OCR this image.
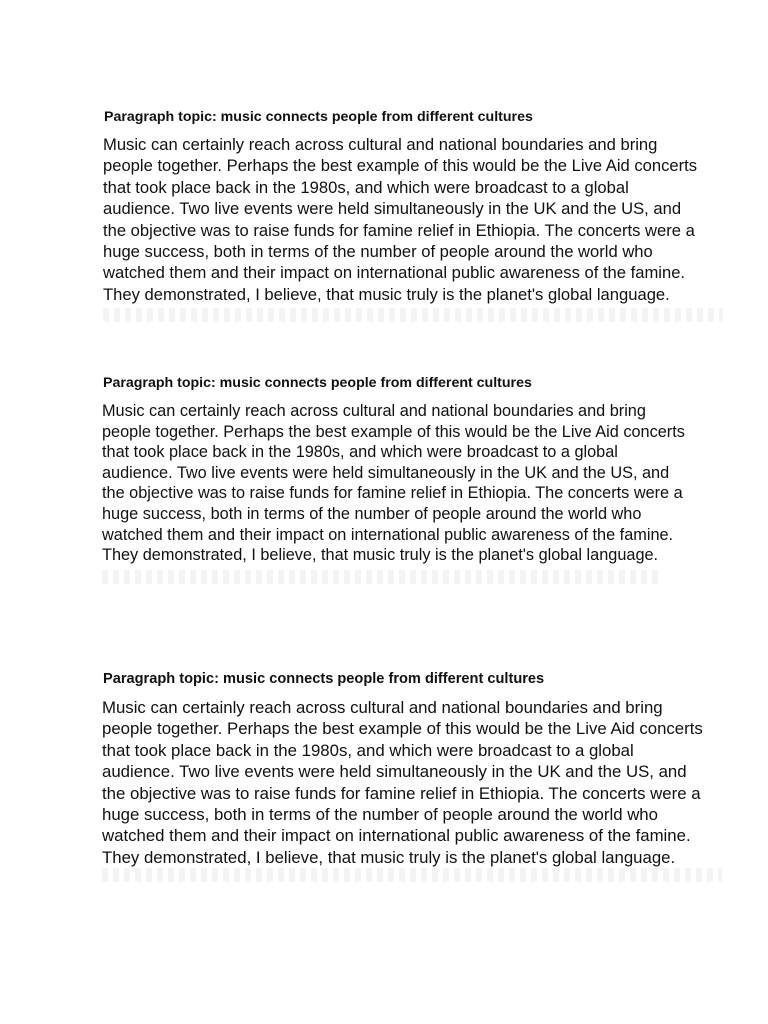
Paragraph topic: music connects people from different cultures

Music can certainly reach across cultural and national boundaries and bring
people together. Perhaps the best example of this would be the Live Aid concerts
that took place back in the 1980s, and which were broadcast to a global
audience. Two live events were held simultaneously in the UK and the US, and
the objective was to raise funds for famine relief in Ethiopia. The concerts were a
huge success, both in terms of the number of people around the world who
watched them and their impact on international public awareness of the famine.
They demonstrated, I believe, that music truly is the planet's global language.

Paragraph topic: music connects people from different cultures

Music can certainly reach across cultural and national boundaries and bring
people together. Perhaps the best example of this would be the Live Aid concerts
that took place back in the 1980s, and which were broadcast to a global
audience. Two live events were held simultaneously in the UK and the US, and
the objective was to raise funds for famine relief in Ethiopia. The concerts were a
huge success, both in terms of the number of people around the world who
watched them and their impact on international public awareness of the famine.
They demonstrated, I believe, that music truly is the planet's global language.

Paragraph topic: music connects people from different cultures

Music can certainly reach across cultural and national boundaries and bring
people together. Perhaps the best example of this would be the Live Aid concerts
that took place back in the 1980s, and which were broadcast to a global
audience. Two live events were held simultaneously in the UK and the US, and
the objective was to raise funds for famine relief in Ethiopia. The concerts were a
huge success, both in terms of the number of people around the world who
watched them and their impact on international public awareness of the famine.
They demonstrated, I believe, that music truly is the planet's global language.
